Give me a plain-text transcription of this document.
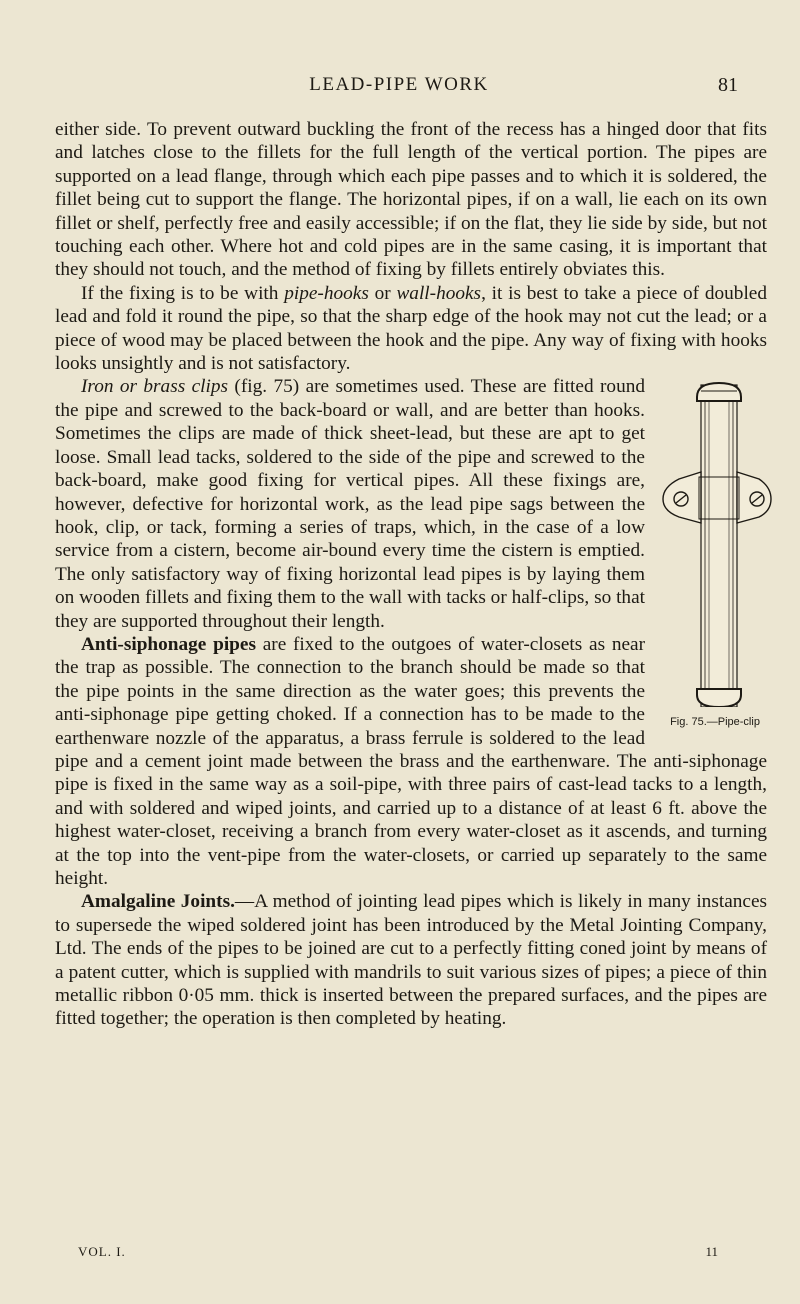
LEAD-PIPE WORK	81

either side. To prevent outward buckling the front of the recess has a hinged door that fits and latches close to the fillets for the full length of the vertical portion. The pipes are supported on a lead flange, through which each pipe passes and to which it is soldered, the fillet being cut to support the flange. The horizontal pipes, if on a wall, lie each on its own fillet or shelf, perfectly free and easily accessible; if on the flat, they lie side by side, but not touching each other. Where hot and cold pipes are in the same casing, it is important that they should not touch, and the method of fixing by fillets entirely obviates this.

If the fixing is to be with pipe-hooks or wall-hooks, it is best to take a piece of doubled lead and fold it round the pipe, so that the sharp edge of the hook may not cut the lead; or a piece of wood may be placed between the hook and the pipe. Any way of fixing with hooks looks unsightly and is not satisfactory.

Fig. 75.—Pipe-clip

Iron or brass clips (fig. 75) are sometimes used. These are fitted round the pipe and screwed to the back-board or wall, and are better than hooks. Sometimes the clips are made of thick sheet-lead, but these are apt to get loose. Small lead tacks, soldered to the side of the pipe and screwed to the back-board, make good fixing for vertical pipes. All these fixings are, however, defective for horizontal work, as the lead pipe sags between the hook, clip, or tack, forming a series of traps, which, in the case of a low service from a cistern, become air-bound every time the cistern is emptied. The only satisfactory way of fixing horizontal lead pipes is by laying them on wooden fillets and fixing them to the wall with tacks or half-clips, so that they are supported throughout their length.

Anti-siphonage pipes are fixed to the outgoes of water-closets as near the trap as possible. The connection to the branch should be made so that the pipe points in the same direction as the water goes; this prevents the anti-siphonage pipe getting choked. If a connection has to be made to the earthenware nozzle of the apparatus, a brass ferrule is soldered to the lead pipe and a cement joint made between the brass and the earthenware. The anti-siphonage pipe is fixed in the same way as a soil-pipe, with three pairs of cast-lead tacks to a length, and with soldered and wiped joints, and carried up to a distance of at least 6 ft. above the highest water-closet, receiving a branch from every water-closet as it ascends, and turning at the top into the vent-pipe from the water-closets, or carried up separately to the same height.

Amalgaline Joints.—A method of jointing lead pipes which is likely in many instances to supersede the wiped soldered joint has been introduced by the Metal Jointing Company, Ltd. The ends of the pipes to be joined are cut to a perfectly fitting coned joint by means of a patent cutter, which is supplied with mandrils to suit various sizes of pipes; a piece of thin metallic ribbon 0·05 mm. thick is inserted between the prepared surfaces, and the pipes are fitted together; the operation is then completed by heating.

VOL. I.	11
